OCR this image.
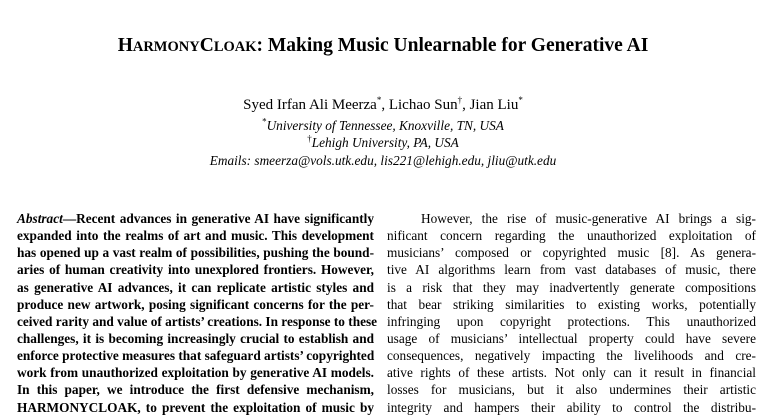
HARMONYCLOAK: Making Music Unlearnable for Generative AI
Syed Irfan Ali Meerza*, Lichao Sun†, Jian Liu*
*University of Tennessee, Knoxville, TN, USA
†Lehigh University, PA, USA
Emails: smeerza@vols.utk.edu, lis221@lehigh.edu, jliu@utk.edu
Abstract—Recent advances in generative AI have significantly
expanded into the realms of art and music. This development
has opened up a vast realm of possibilities, pushing the bound-
aries of human creativity into unexplored frontiers. However,
as generative AI advances, it can replicate artistic styles and
produce new artwork, posing significant concerns for the per-
ceived rarity and value of artists’ creations. In response to these
challenges, it is becoming increasingly crucial to establish and
enforce protective measures that safeguard artists’ copyrighted
work from unauthorized exploitation by generative AI models.
In this paper, we introduce the first defensive mechanism,
HARMONYCLOAK, to prevent the exploitation of music by
However, the rise of music-generative AI brings a sig-
nificant concern regarding the unauthorized exploitation of
musicians’ composed or copyrighted music [8]. As genera-
tive AI algorithms learn from vast databases of music, there
is a risk that they may inadvertently generate compositions
that bear striking similarities to existing works, potentially
infringing upon copyright protections. This unauthorized
usage of musicians’ intellectual property could have severe
consequences, negatively impacting the livelihoods and cre-
ative rights of these artists. Not only can it result in financial
losses for musicians, but it also undermines their artistic
integrity and hampers their ability to control the distribu-
